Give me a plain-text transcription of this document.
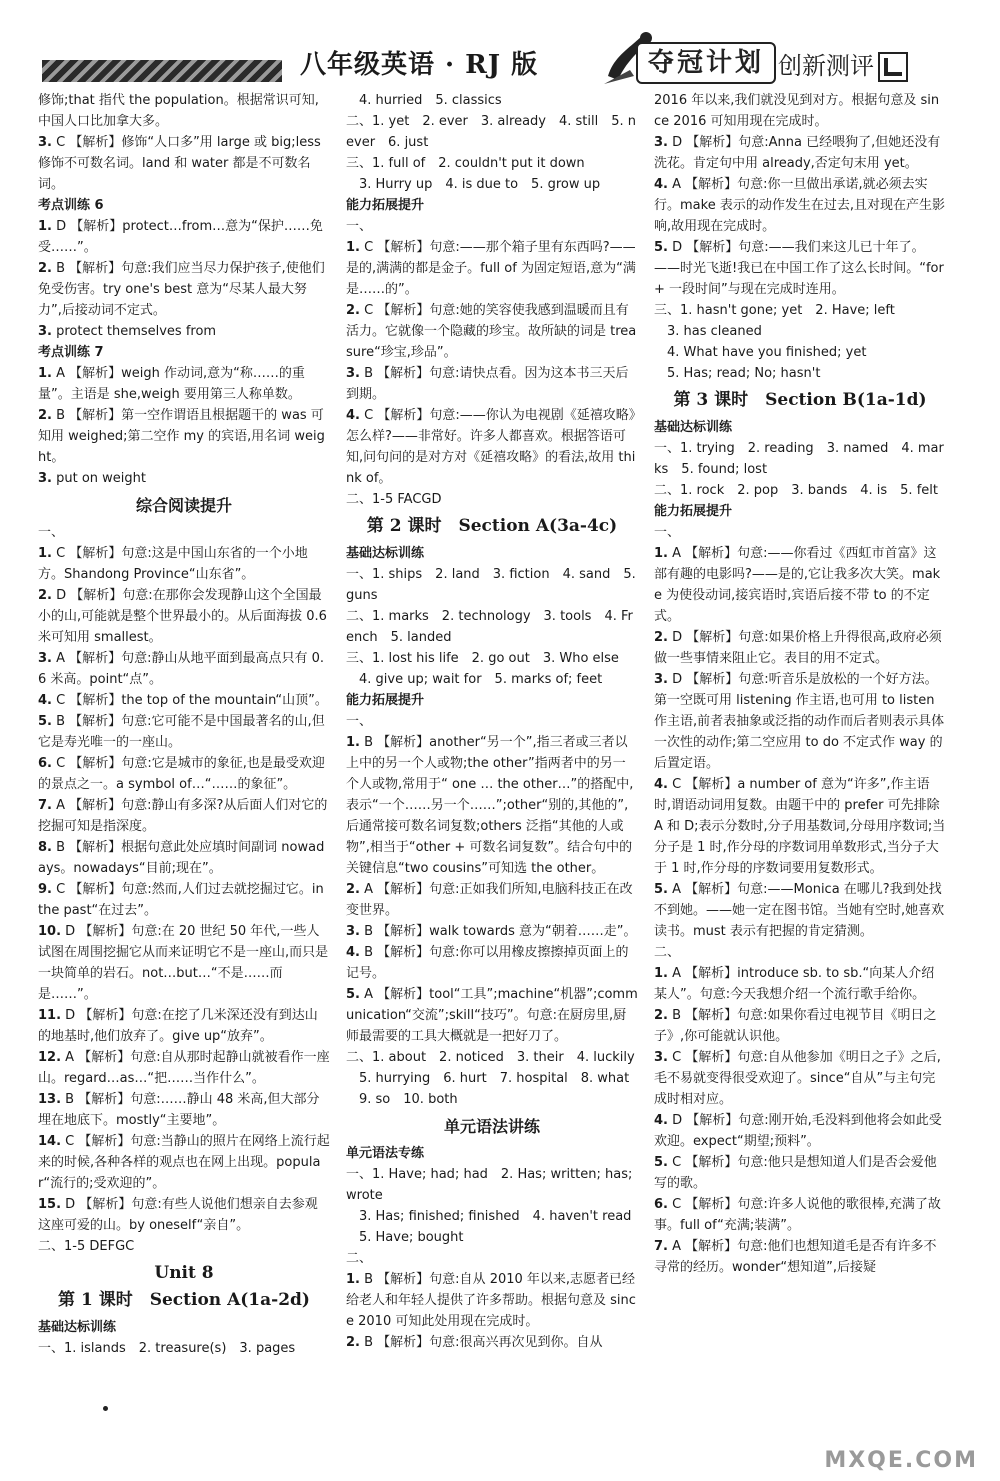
八年级英语 · RJ 版	夺冠计划 创新测评
修饰;that 指代 the population。根据常识可知,中国人口比加拿大多。
3. C 【解析】修饰“人口多”用 large 或 big;less 修饰不可数名词。land 和 water 都是不可数名词。
考点训练 6
1. D 【解析】protect…from…意为“保护……免受……”。
2. B 【解析】句意:我们应当尽力保护孩子,使他们免受伤害。try one's best 意为“尽某人最大努力”,后接动词不定式。
3. protect themselves from
考点训练 7
1. A 【解析】weigh 作动词,意为“称……的重量”。主语是 she,weigh 要用第三人称单数。
2. B 【解析】第一空作谓语且根据题干的 was 可知用 weighed;第二空作 my 的宾语,用名词 weight。
3. put on weight
综合阅读提升
一、
1. C 【解析】句意:这是中国山东省的一个小地方。Shandong Province“山东省”。
2. D 【解析】句意:在那你会发现静山这个全国最小的山,可能就是整个世界最小的。从后面海拔 0.6 米可知用 smallest。
3. A 【解析】句意:静山从地平面到最高点只有 0.6 米高。point“点”。
4. C 【解析】the top of the mountain“山顶”。
5. B 【解析】句意:它可能不是中国最著名的山,但它是寿光唯一的一座山。
6. C 【解析】句意:它是城市的象征,也是最受欢迎的景点之一。a symbol of…“……的象征”。
7. A 【解析】句意:静山有多深?从后面人们对它的挖掘可知是指深度。
8. B 【解析】根据句意此处应填时间副词 nowadays。nowadays“目前;现在”。
9. C 【解析】句意:然而,人们过去就挖掘过它。in the past“在过去”。
10. D 【解析】句意:在 20 世纪 50 年代,一些人试图在周围挖掘它从而来证明它不是一座山,而只是一块简单的岩石。not…but…“不是……而是……”。
11. D 【解析】句意:在挖了几米深还没有到达山的地基时,他们放弃了。give up“放弃”。
12. A 【解析】句意:自从那时起静山就被看作一座山。regard…as…“把……当作什么”。
13. B 【解析】句意:……静山 48 米高,但大部分埋在地底下。mostly“主要地”。
14. C 【解析】句意:当静山的照片在网络上流行起来的时候,各种各样的观点也在网上出现。popular“流行的;受欢迎的”。
15. D 【解析】句意:有些人说他们想亲自去参观这座可爱的山。by oneself“亲自”。
二、1-5 DEFGC
Unit 8
第 1 课时　Section A(1a-2d)
基础达标训练
一、1. islands　2. treasure(s)　3. pages
　4. hurried　5. classics
二、1. yet　2. ever　3. already　4. still　5. never　6. just
三、1. full of　2. couldn't put it down
　3. Hurry up　4. is due to　5. grow up
能力拓展提升
一、
1. C 【解析】句意:——那个箱子里有东西吗?——是的,满满的都是金子。full of 为固定短语,意为“满是……的”。
2. C 【解析】句意:她的笑容使我感到温暖而且有活力。它就像一个隐藏的珍宝。故所缺的词是 treasure“珍宝,珍品”。
3. B 【解析】句意:请快点看。因为这本书三天后到期。
4. C 【解析】句意:——你认为电视剧《延禧攻略》怎么样?——非常好。许多人都喜欢。根据答语可知,问句问的是对方对《延禧攻略》的看法,故用 think of。
二、1-5 FACGD
第 2 课时　Section A(3a-4c)
基础达标训练
一、1. ships　2. land　3. fiction　4. sand　5. guns
二、1. marks　2. technology　3. tools　4. French　5. landed
三、1. lost his life　2. go out　3. Who else
　4. give up; wait for　5. marks of; feet
能力拓展提升
一、
1. B 【解析】another“另一个”,指三者或三者以上中的另一个人或物;the other”指两者中的另一个人或物,常用于“ one … the other…”的搭配中,表示“一个……另一个……”;other“别的,其他的”,后通常接可数名词复数;others 泛指“其他的人或物”,相当于“other + 可数名词复数”。结合句中的关键信息“two cousins”可知选 the other。
2. A 【解析】句意:正如我们所知,电脑科技正在改变世界。
3. B 【解析】walk towards 意为“朝着……走”。
4. B 【解析】句意:你可以用橡皮擦擦掉页面上的记号。
5. A 【解析】tool“工具”;machine“机器”;communication“交流”;skill“技巧”。句意:在厨房里,厨师最需要的工具大概就是一把好刀了。
二、1. about　2. noticed　3. their　4. luckily
　5. hurrying　6. hurt　7. hospital　8. what
　9. so　10. both
单元语法讲练
单元语法专练
一、1. Have; had; had　2. Has; written; has; wrote
　3. Has; finished; finished　4. haven't read
　5. Have; bought
二、
1. B 【解析】句意:自从 2010 年以来,志愿者已经给老人和年轻人提供了许多帮助。根据句意及 since 2010 可知此处用现在完成时。
2. B 【解析】句意:很高兴再次见到你。自从
2016 年以来,我们就没见到对方。根据句意及 since 2016 可知用现在完成时。
3. D 【解析】句意:Anna 已经喂狗了,但她还没有洗花。肯定句中用 already,否定句末用 yet。
4. A 【解析】句意:你一旦做出承诺,就必须去实行。make 表示的动作发生在过去,且对现在产生影响,故用现在完成时。
5. D 【解析】句意:——我们来这儿已十年了。——时光飞逝!我已在中国工作了这么长时间。“for + 一段时间”与现在完成时连用。
三、1. hasn't gone; yet　2. Have; left
　3. has cleaned
　4. What have you finished; yet
　5. Has; read; No; hasn't
第 3 课时　Section B(1a-1d)
基础达标训练
一、1. trying　2. reading　3. named　4. marks　5. found; lost
二、1. rock　2. pop　3. bands　4. is　5. felt
能力拓展提升
一、
1. A 【解析】句意:——你看过《西虹市首富》这部有趣的电影吗?——是的,它让我多次大笑。make 为使役动词,接宾语时,宾语后接不带 to 的不定式。
2. D 【解析】句意:如果价格上升得很高,政府必须做一些事情来阻止它。表目的用不定式。
3. D 【解析】句意:听音乐是放松的一个好方法。第一空既可用 listening 作主语,也可用 to listen 作主语,前者表抽象或泛指的动作而后者则表示具体一次性的动作;第二空应用 to do 不定式作 way 的后置定语。
4. C 【解析】a number of 意为“许多”,作主语时,谓语动词用复数。由题干中的 prefer 可先排除 A 和 D;表示分数时,分子用基数词,分母用序数词;当分子是 1 时,作分母的序数词用单数形式,当分子大于 1 时,作分母的序数词要用复数形式。
5. A 【解析】句意:——Monica 在哪儿?我到处找不到她。——她一定在图书馆。当她有空时,她喜欢读书。must 表示有把握的肯定猜测。
二、
1. A 【解析】introduce sb. to sb.“向某人介绍某人”。句意:今天我想介绍一个流行歌手给你。
2. B 【解析】句意:如果你看过电视节目《明日之子》,你可能就认识他。
3. C 【解析】句意:自从他参加《明日之子》之后,毛不易就变得很受欢迎了。since“自从”与主句完成时相对应。
4. D 【解析】句意:刚开始,毛没料到他将会如此受欢迎。expect“期望;预料”。
5. C 【解析】句意:他只是想知道人们是否会爱他写的歌。
6. C 【解析】句意:许多人说他的歌很棒,充满了故事。full of“充满;装满”。
7. A 【解析】句意:他们也想知道毛是否有许多不寻常的经历。wonder“想知道”,后接疑
MXQE.COM
